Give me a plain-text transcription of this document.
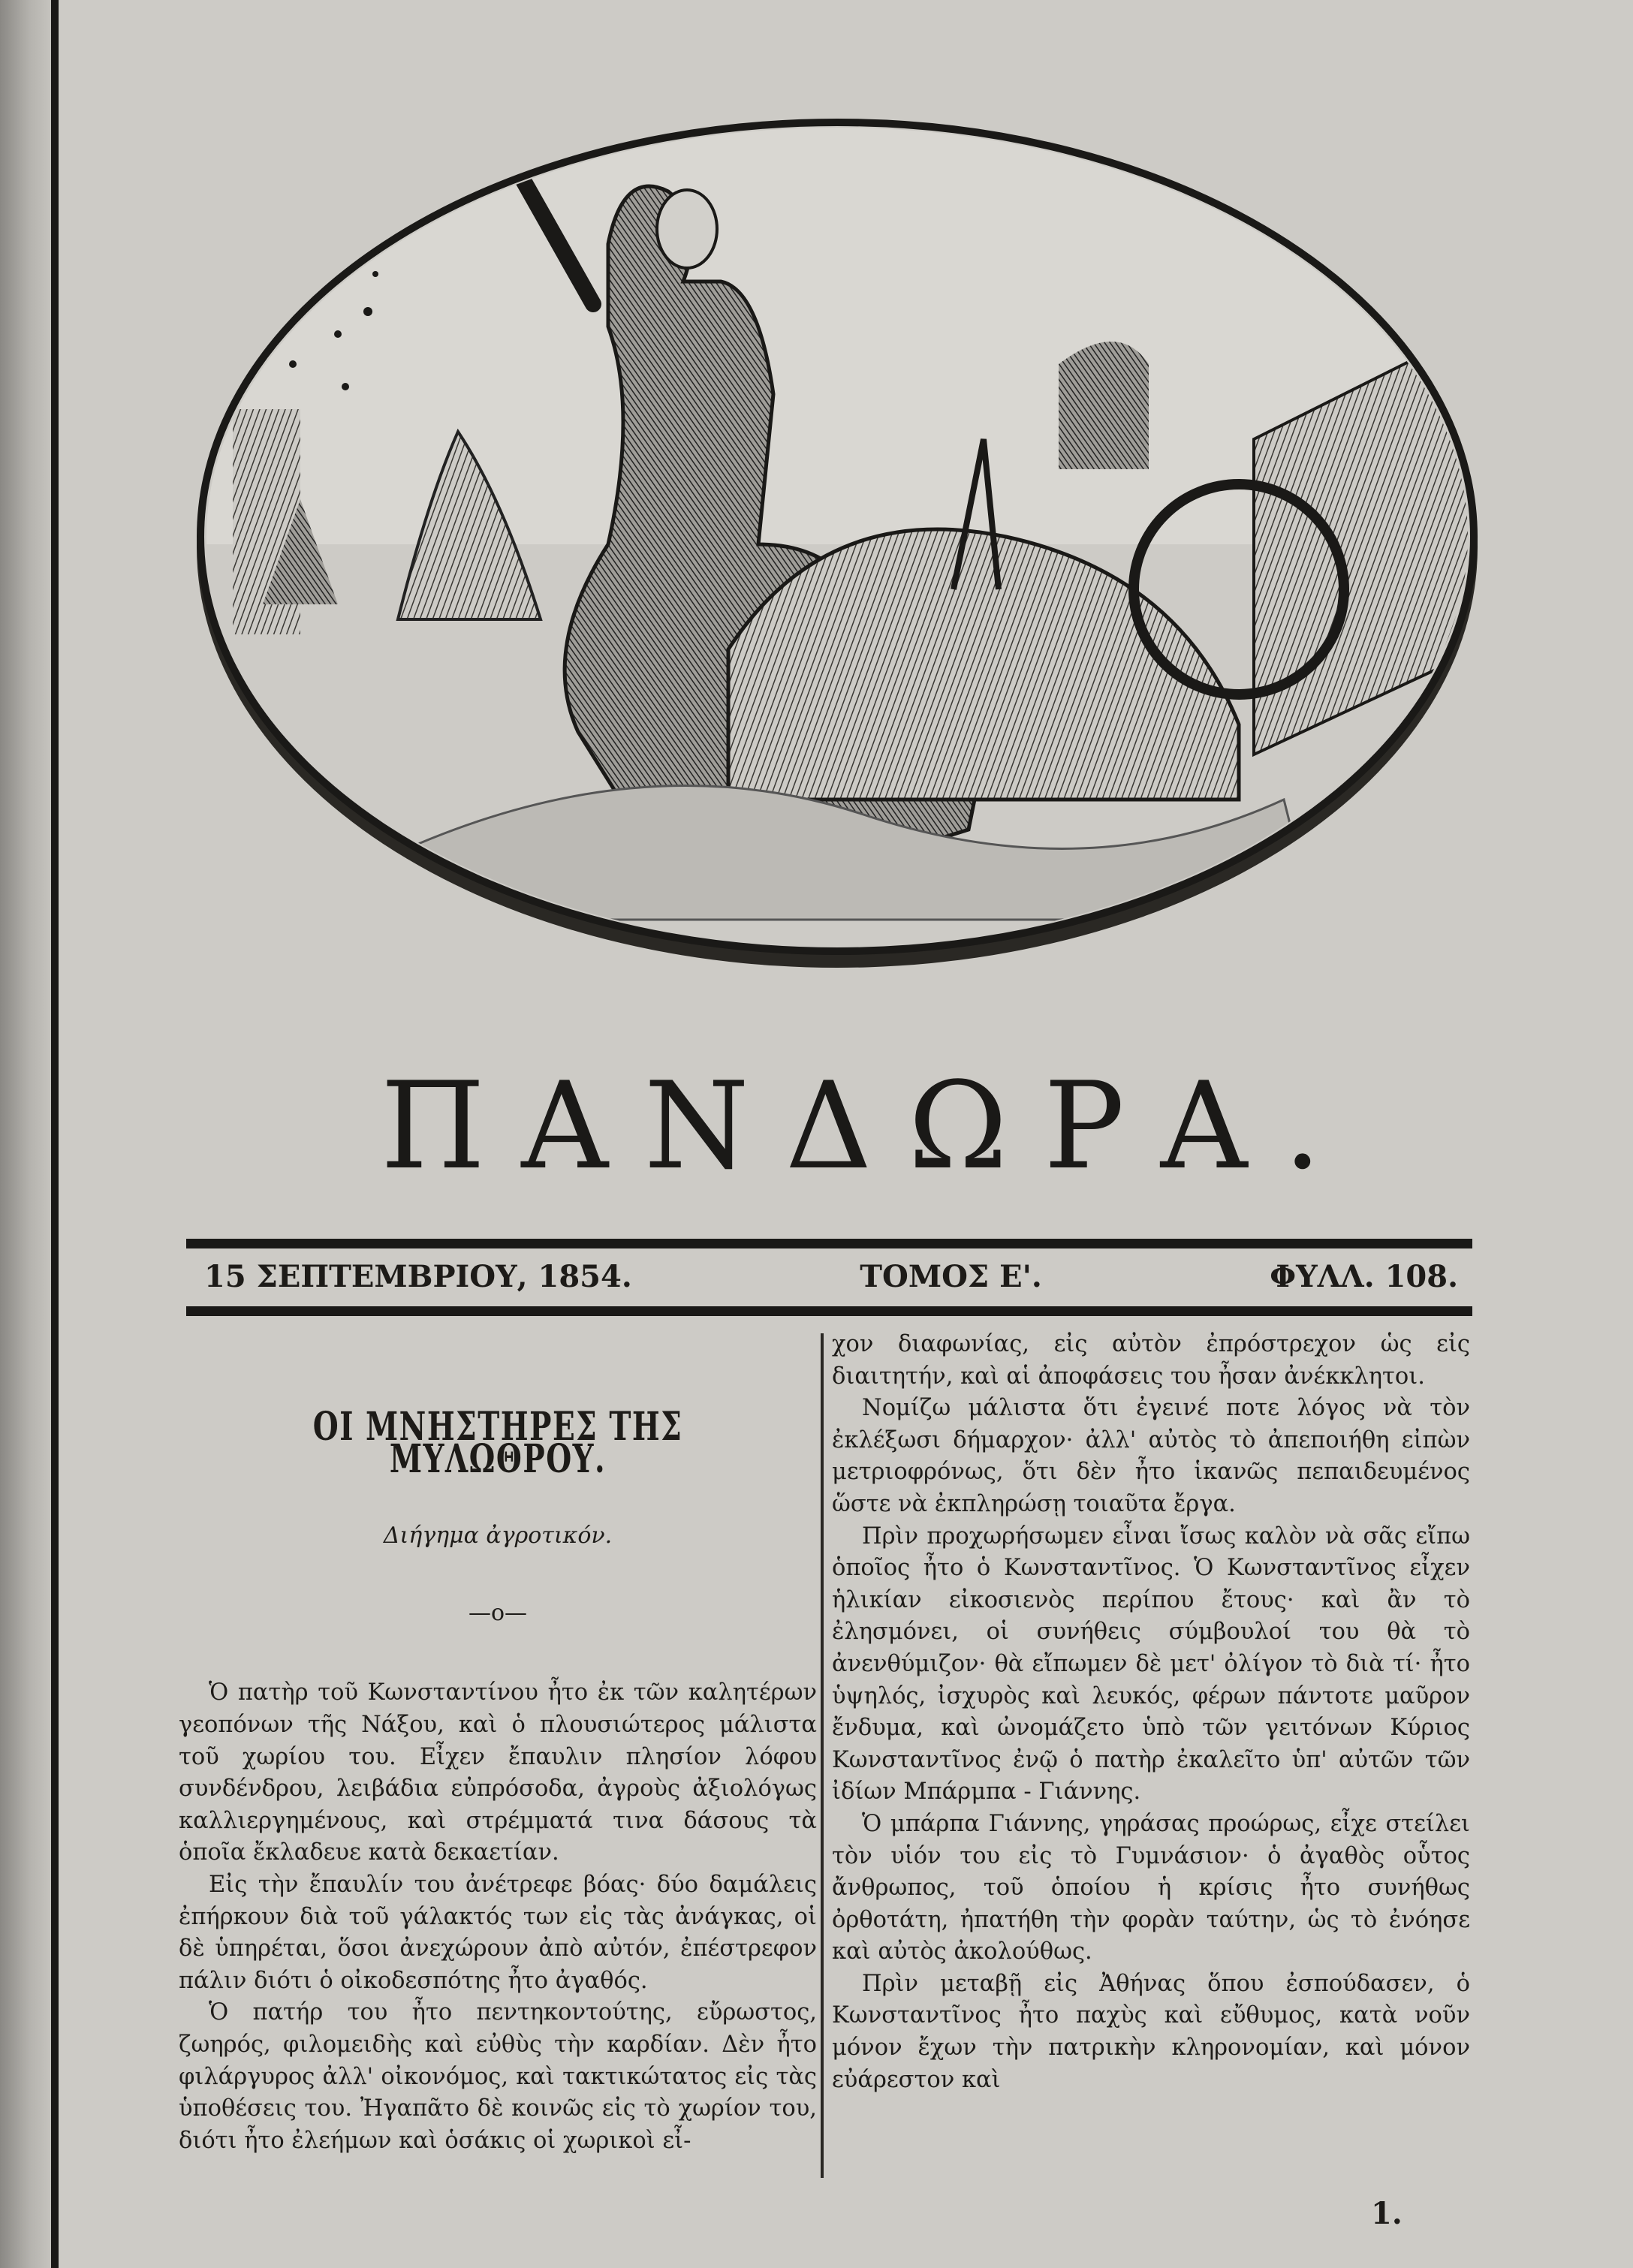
ΠΑΝΔΩΡΑ.
15 ΣΕΠΤΕΜΒΡΙΟΥ, 1854.	ΤΟΜΟΣ Ε'.	ΦΥΛΛ. 108.
ΟΙ ΜΝΗΣΤΗΡΕΣ ΤΗΣ ΜΥΛΩΘΡΟΥ.
Διήγημα ἀγροτικόν.
—ο—

Ὁ πατὴρ τοῦ Κωνσταντίνου ἦτο ἐκ τῶν καλητέρων γεοπόνων τῆς Νάξου, καὶ ὁ πλουσιώτερος μάλιστα τοῦ χωρίου του. Εἶχεν ἔπαυλιν πλησίον λόφου συνδένδρου, λειβάδια εὐπρόσοδα, ἀγροὺς ἀξιολόγως καλλιεργημένους, καὶ στρέμματά τινα δάσους τὰ ὁποῖα ἔκλαδευε κατὰ δεκαετίαν.

Εἰς τὴν ἔπαυλίν του ἀνέτρεφε βόας· δύο δαμάλεις ἐπήρκουν διὰ τοῦ γάλακτός των εἰς τὰς ἀνάγκας, οἱ δὲ ὑπηρέται, ὅσοι ἀνεχώρουν ἀπὸ αὐτόν, ἐπέστρεφον πάλιν διότι ὁ οἰκοδεσπότης ἦτο ἀγαθός.

Ὁ πατήρ του ἦτο πεντηκοντούτης, εὔρωστος, ζωηρός, φιλομειδὴς καὶ εὐθὺς τὴν καρδίαν. Δὲν ἦτο φιλάργυρος ἀλλ' οἰκονόμος, καὶ τακτικώτατος εἰς τὰς ὑποθέσεις του. Ἠγαπᾶτο δὲ κοινῶς εἰς τὸ χωρίον του, διότι ἦτο ἐλεήμων καὶ ὁσάκις οἱ χωρικοὶ εἶ-

χον διαφωνίας, εἰς αὐτὸν ἐπρόστρεχον ὡς εἰς διαιτητήν, καὶ αἱ ἀποφάσεις του ἦσαν ἀνέκκλητοι.

Νομίζω μάλιστα ὅτι ἐγεινέ ποτε λόγος νὰ τὸν ἐκλέξωσι δήμαρχον· ἀλλ' αὐτὸς τὸ ἀπεποιήθη εἰπὼν μετριοφρόνως, ὅτι δὲν ἦτο ἱκανῶς πεπαιδευμένος ὥστε νὰ ἐκπληρώσῃ τοιαῦτα ἔργα.

Πρὶν προχωρήσωμεν εἶναι ἴσως καλὸν νὰ σᾶς εἴπω ὁποῖος ἦτο ὁ Κωνσταντῖνος. Ὁ Κωνσταντῖνος εἶχεν ἡλικίαν εἰκοσιενὸς περίπου ἔτους· καὶ ἂν τὸ ἐλησμόνει, οἱ συνήθεις σύμβουλοί του θὰ τὸ ἀνενθύμιζον· θὰ εἴπωμεν δὲ μετ' ὀλίγον τὸ διὰ τί· ἦτο ὑψηλός, ἰσχυρὸς καὶ λευκός, φέρων πάντοτε μαῦρον ἔνδυμα, καὶ ὠνομάζετο ὑπὸ τῶν γειτόνων Κύριος Κωνσταντῖνος ἐνῷ ὁ πατὴρ ἐκαλεῖτο ὑπ' αὐτῶν τῶν ἰδίων Μπάρμπα - Γιάννης.

Ὁ μπάρπα Γιάννης, γηράσας προώρως, εἶχε στείλει τὸν υἱόν του εἰς τὸ Γυμνάσιον· ὁ ἀγαθὸς οὗτος ἄνθρωπος, τοῦ ὁποίου ἡ κρίσις ἦτο συνήθως ὀρθοτάτη, ἠπατήθη τὴν φορὰν ταύτην, ὡς τὸ ἐνόησε καὶ αὐτὸς ἀκολούθως.

Πρὶν μεταβῇ εἰς Ἀθήνας ὅπου ἐσπούδασεν, ὁ Κωνσταντῖνος ἦτο παχὺς καὶ εὔθυμος, κατὰ νοῦν μόνον ἔχων τὴν πατρικὴν κληρονομίαν, καὶ μόνον εὐάρεστον καὶ

1.
